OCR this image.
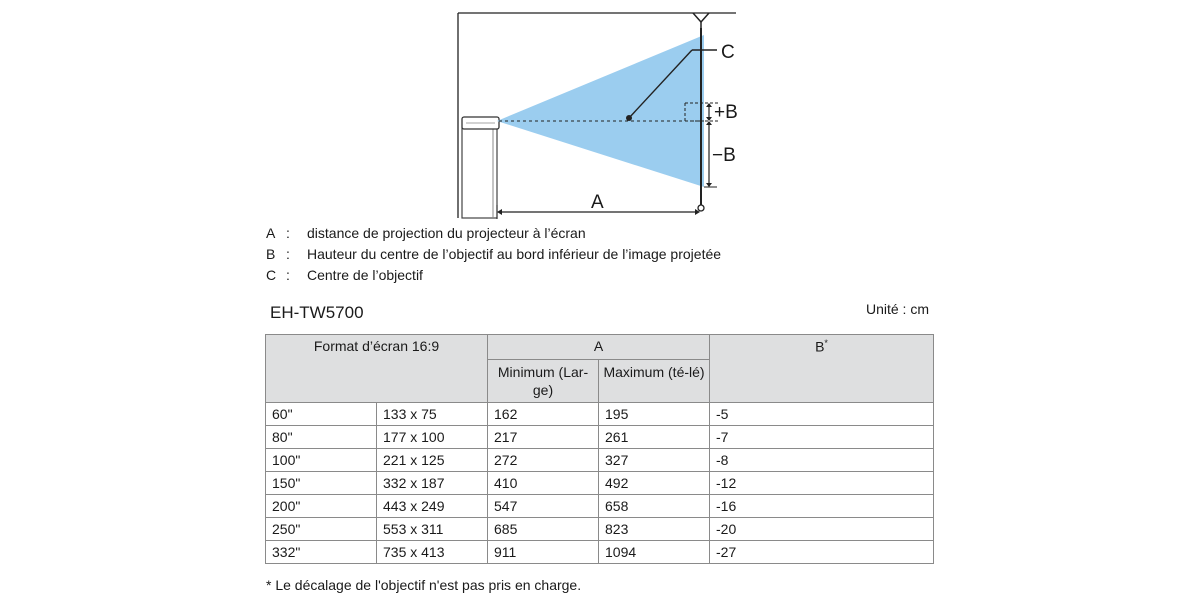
C
+B
−B
A
A :	distance de projection du projecteur à l’écran
B :	Hauteur du centre de l’objectif au bord inférieur de l’image projetée
C :	Centre de l’objectif
EH-TW5700	Unité : cm
Format d’écran 16:9		A		B*
		Minimum (Lar-ge)	Maximum (té-lé)	
60"	133 x 75	162	195	-5
80"	177 x 100	217	261	-7
100"	221 x 125	272	327	-8
150"	332 x 187	410	492	-12
200"	443 x 249	547	658	-16
250"	553 x 311	685	823	-20
332"	735 x 413	911	1094	-27
* Le décalage de l'objectif n'est pas pris en charge.
